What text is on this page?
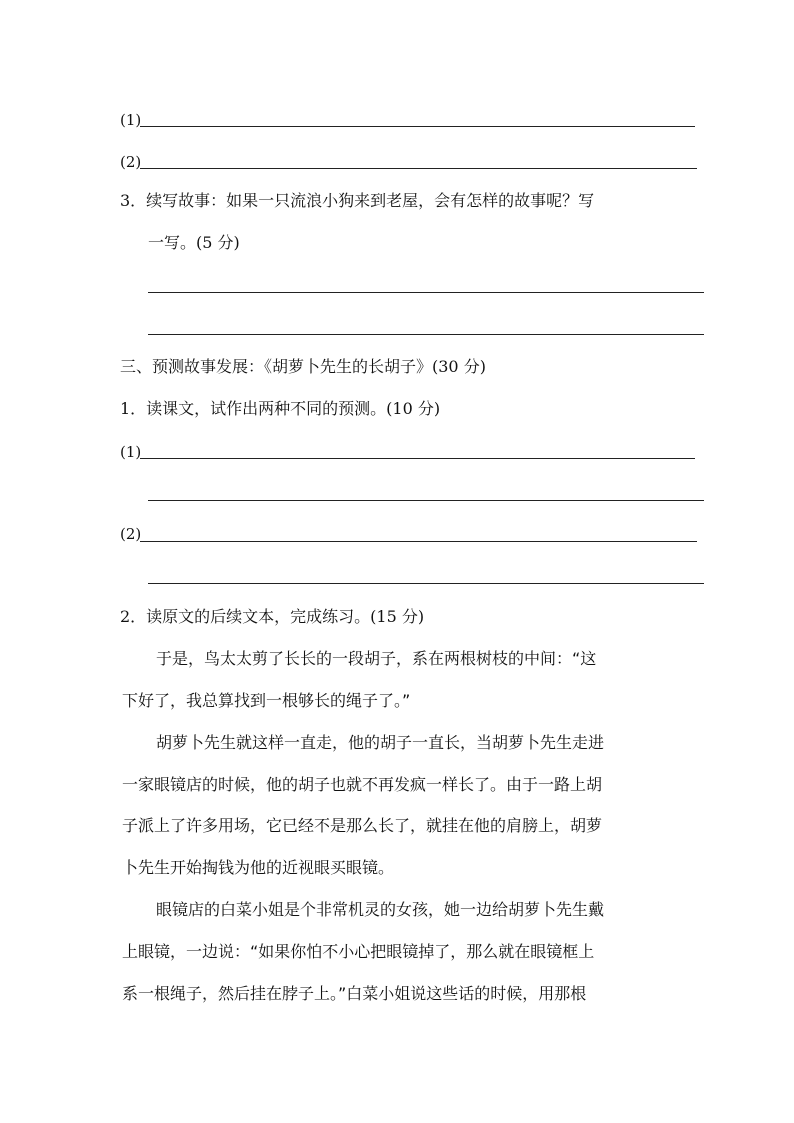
(1)
(2)
3．续写故事：如果一只流浪小狗来到老屋，会有怎样的故事呢？写
一写。(5 分)
三、预测故事发展：《胡萝卜先生的长胡子》(30 分)
1．读课文，试作出两种不同的预测。(10 分)
(1)
(2)
2．读原文的后续文本，完成练习。(15 分)
于是，鸟太太剪了长长的一段胡子，系在两根树枝的中间：“这
下好了，我总算找到一根够长的绳子了。”
胡萝卜先生就这样一直走，他的胡子一直长，当胡萝卜先生走进
一家眼镜店的时候，他的胡子也就不再发疯一样长了。由于一路上胡
子派上了许多用场，它已经不是那么长了，就挂在他的肩膀上，胡萝
卜先生开始掏钱为他的近视眼买眼镜。
眼镜店的白菜小姐是个非常机灵的女孩，她一边给胡萝卜先生戴
上眼镜，一边说：“如果你怕不小心把眼镜掉了，那么就在眼镜框上
系一根绳子，然后挂在脖子上。”白菜小姐说这些话的时候，用那根
